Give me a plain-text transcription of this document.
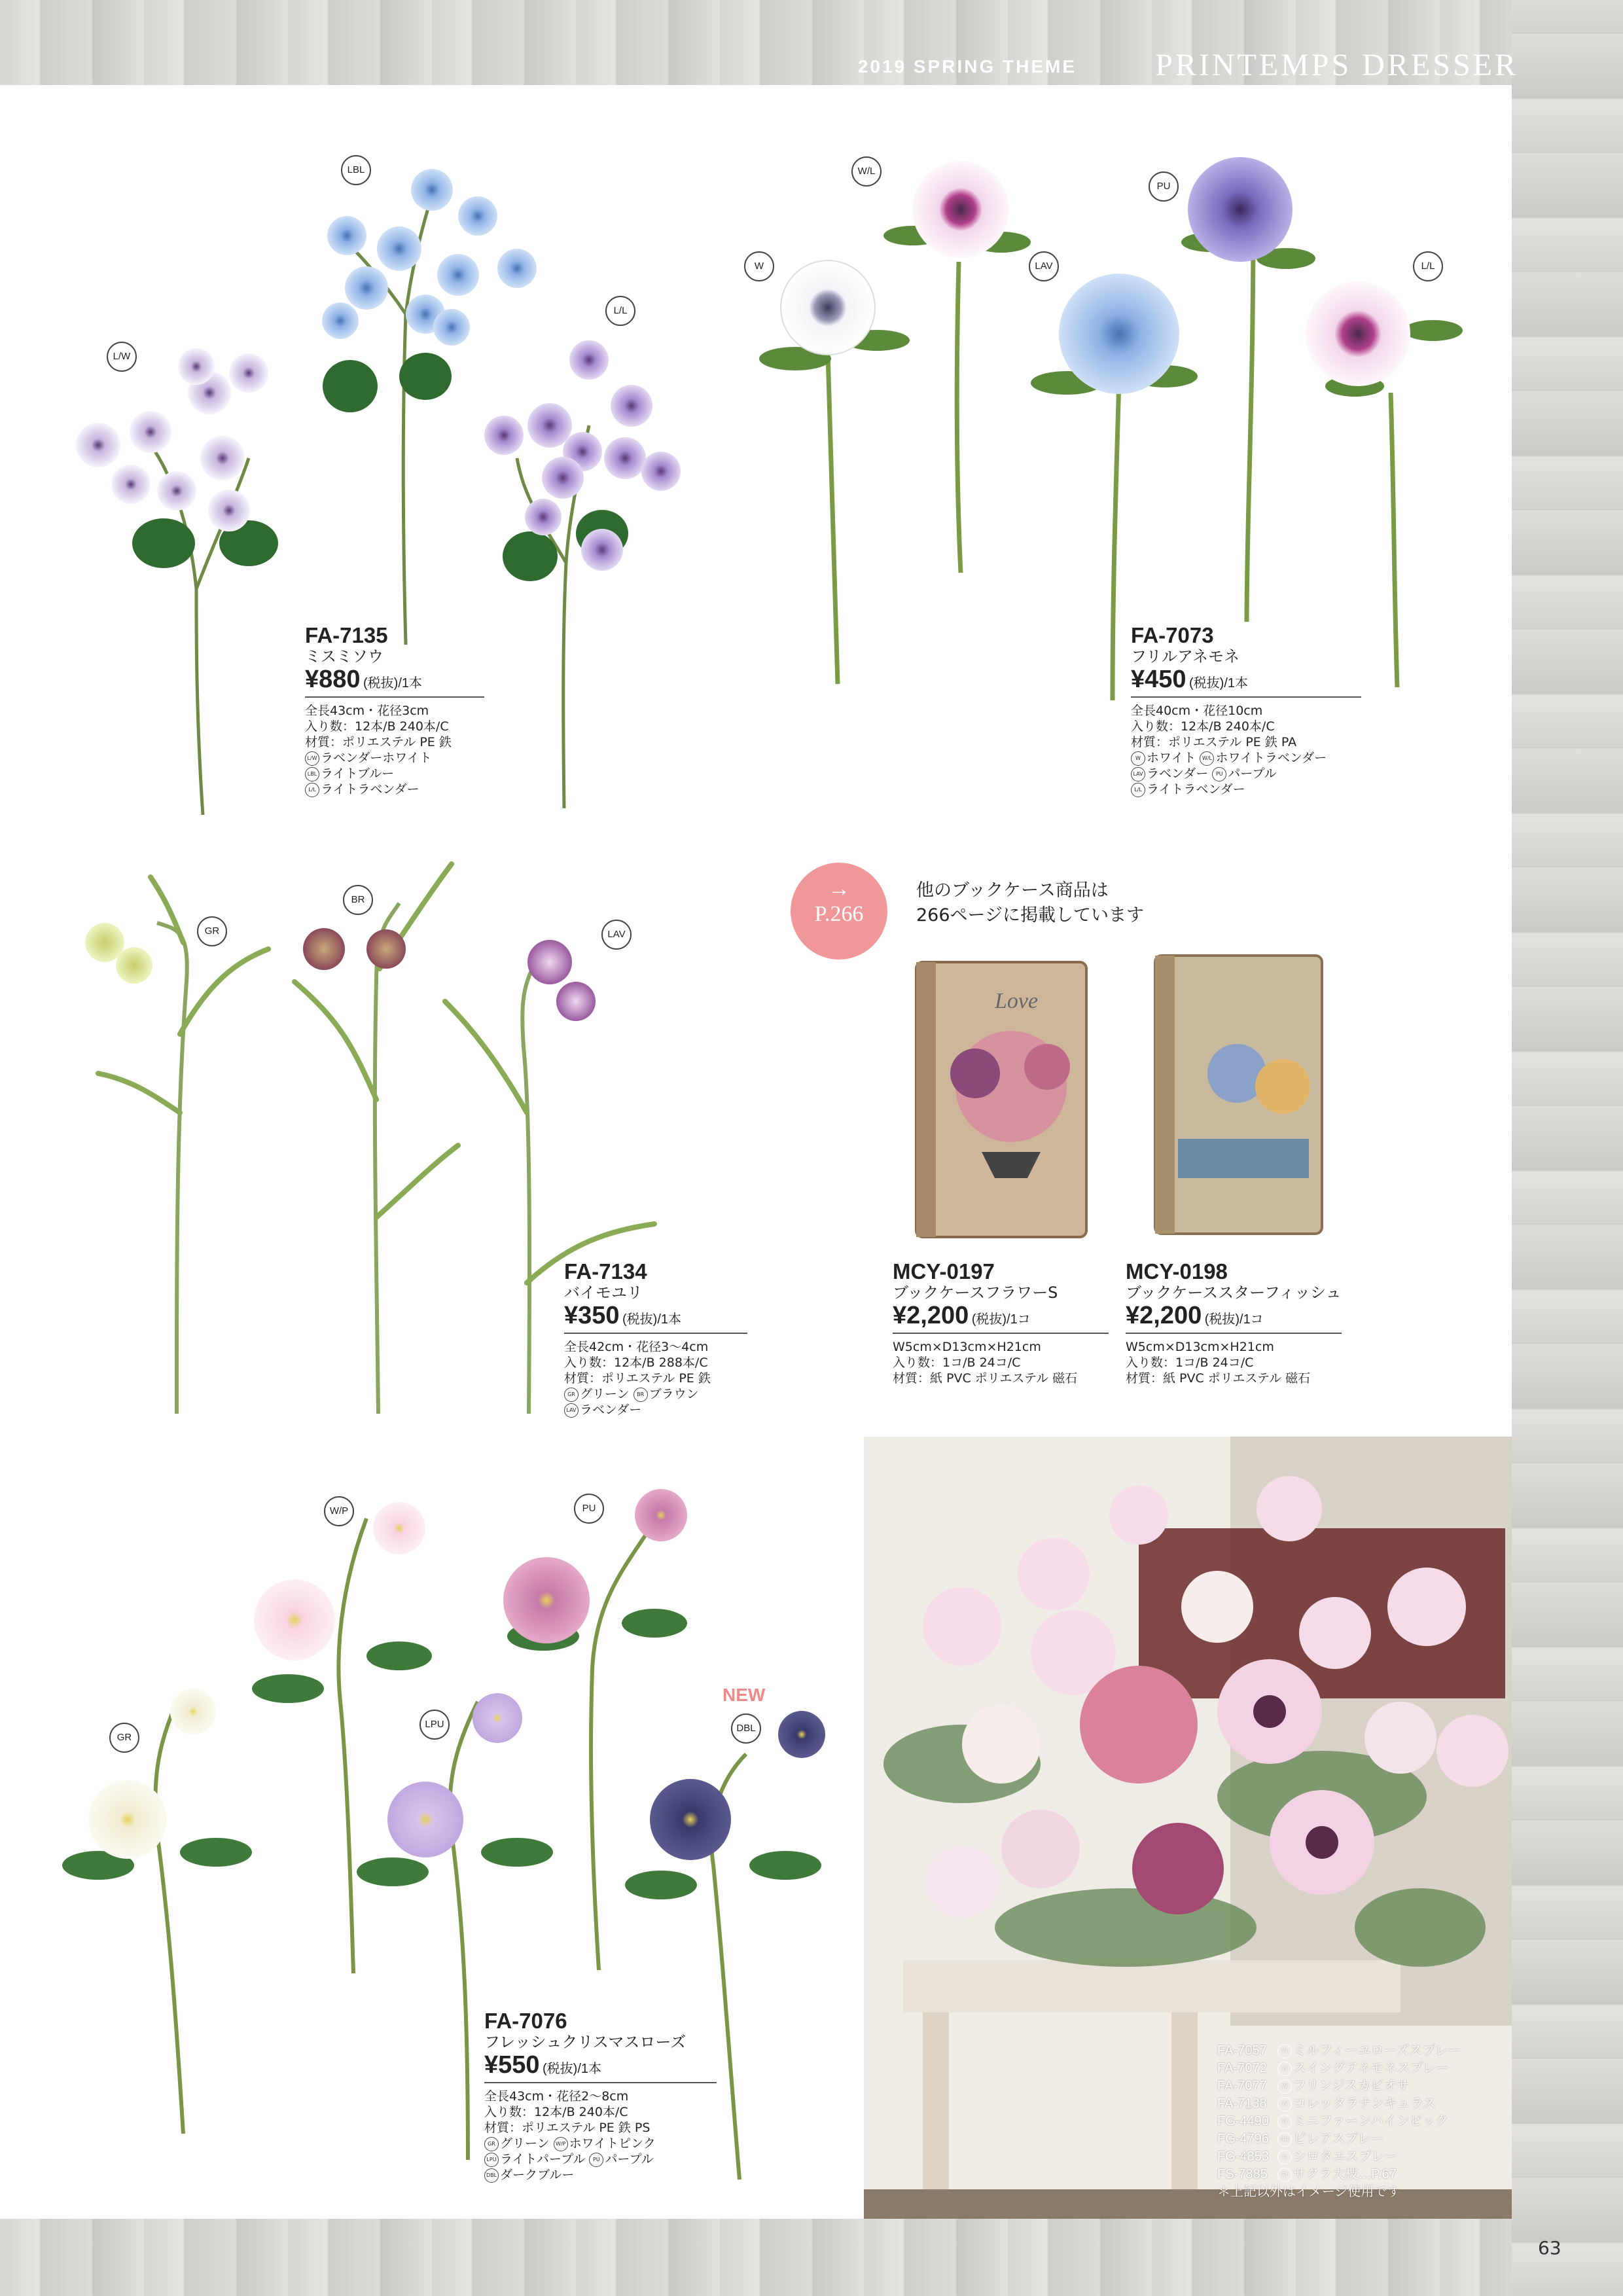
2019 SPRING THEME	PRINTEMPS DRESSER
Love
LBL
L/W
L/L
W/L
PU
W	LAV	L/L
GR
BR
LAV
W/P	PU
GR
LPU	DBL
NEW
FA-7135
ミスミソウ
¥880 (税抜)/1本
全長43cm・花径3cm
入り数：12本/B 240本/C
材質：ポリエステル PE 鉄
L/W ラベンダーホワイト
LBL ライトブルー
L/L ライトラベンダー
FA-7073
フリルアネモネ
¥450 (税抜)/1本
全長40cm・花径10cm
入り数：12本/B 240本/C
材質：ポリエステル PE 鉄 PA
W ホワイト W/L ホワイトラベンダー
LAV ラベンダー PU パープル
L/L ライトラベンダー
FA-7134
バイモユリ
¥350 (税抜)/1本
全長42cm・花径3〜4cm
入り数：12本/B 288本/C
材質：ポリエステル PE 鉄
GR グリーン BR ブラウン
LAV ラベンダー
→
P.266
他のブックケース商品は
266ページに掲載しています
MCY-0197
ブックケースフラワーS
¥2,200 (税抜)/1コ
W5cm×D13cm×H21cm
入り数：1コ/B 24コ/C
材質：紙 PVC ポリエステル 磁石
MCY-0198
ブックケーススターフィッシュ
¥2,200 (税抜)/1コ
W5cm×D13cm×H21cm
入り数：1コ/B 24コ/C
材質：紙 PVC ポリエステル 磁石
FA-7076
フレッシュクリスマスローズ
¥550 (税抜)/1本
全長43cm・花径2〜8cm
入り数：12本/B 240本/C
材質：ポリエステル PE 鉄 PS
GR グリーン W/P ホワイトピンク
LPU ライトパープル PU パープル
DBL ダークブルー
FA-7057	PI ミルフィーユローズスプレー
FA-7072	W スイングアネモネスプレー
FA-7077	W フリンジスカビオサ
FA-7138	W コレッタラナンキュラス
FG-4490	W ミニファーンハインビック
FG-4796 GR ピレアスプレー
FG-4853	G シロタエスプレー
FS-7885	PI サクラ大枝…P.67
＊上記以外はイメージ使用です
63
